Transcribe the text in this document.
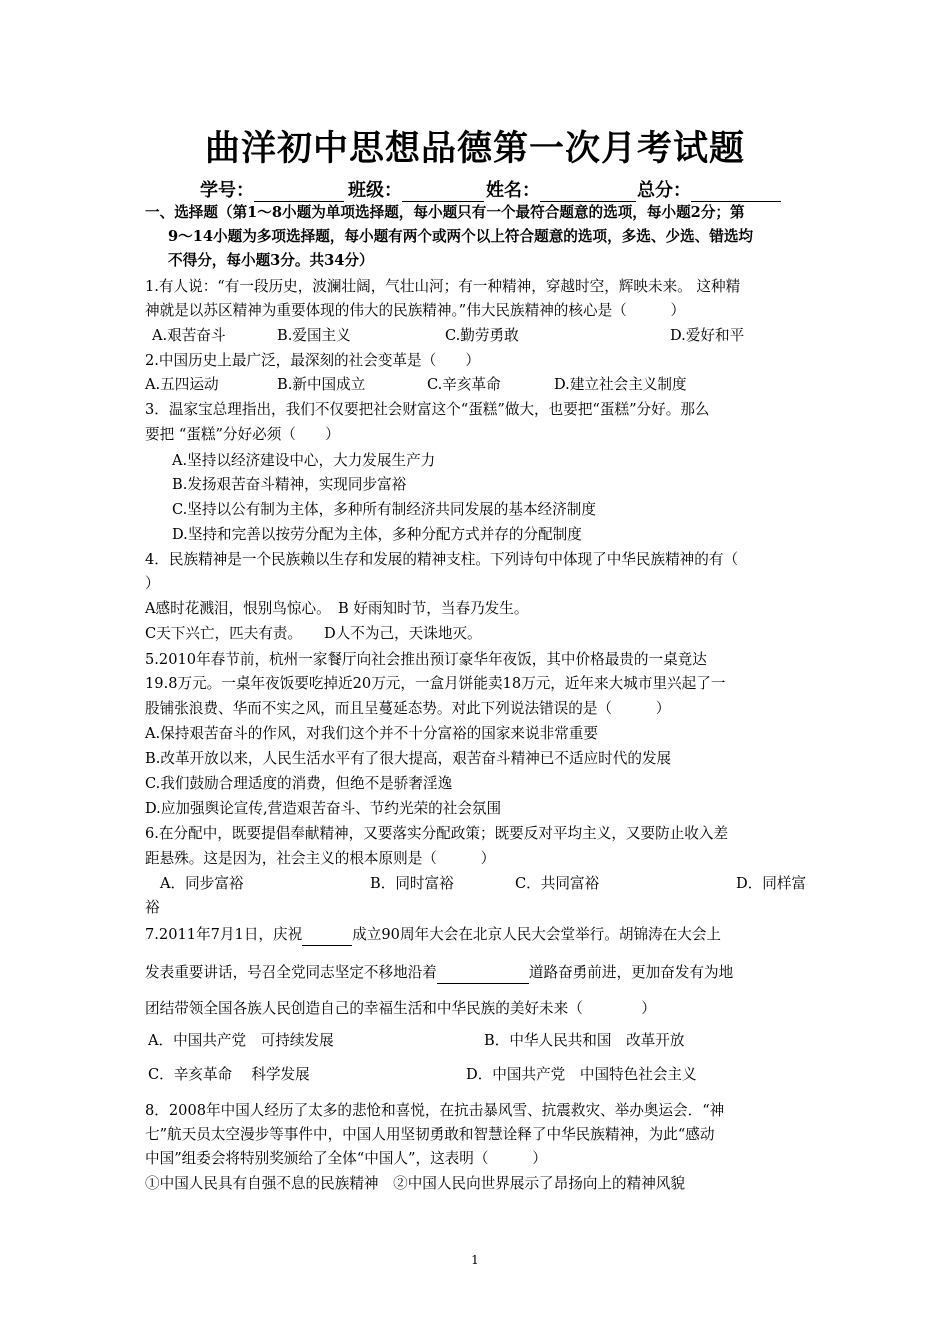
曲洋初中思想品德第一次月考试题
学号：	班级：	姓名：	总分：
一、选择题（第1～8小题为单项选择题，每小题只有一个最符合题意的选项，每小题2分；第
9～14小题为多项选择题，每小题有两个或两个以上符合题意的选项，多选、少选、错选均
不得分，每小题3分。共34分）
1.有人说：“有一段历史，波澜壮阔，气壮山河；有一种精神，穿越时空，辉映未来。 这种精
神就是以苏区精神为重要体现的伟大的民族精神。”伟大民族精神的核心是（　　　）
A.艰苦奋斗	B.爱国主义	C.勤劳勇敢	D.爱好和平
2.中国历史上最广泛，最深刻的社会变革是（　　）
A.五四运动	B.新中国成立	C.辛亥革命	D.建立社会主义制度
3．温家宝总理指出，我们不仅要把社会财富这个“蛋糕”做大，也要把“蛋糕”分好。那么
要把 “蛋糕”分好必须（　　）
A.坚持以经济建设中心，大力发展生产力
B.发扬艰苦奋斗精神，实现同步富裕
C.坚持以公有制为主体，多种所有制经济共同发展的基本经济制度
D.坚持和完善以按劳分配为主体，多种分配方式并存的分配制度
4．民族精神是一个民族赖以生存和发展的精神支柱。下列诗句中体现了中华民族精神的有（
）
A感时花溅泪，恨别鸟惊心。　B 好雨知时节，当春乃发生。
C天下兴亡，匹夫有责。　　D人不为己，天诛地灭。
5.2010年春节前，杭州一家餐厅向社会推出预订豪华年夜饭，其中价格最贵的一桌竟达
19.8万元。一桌年夜饭要吃掉近20万元，一盒月饼能卖18万元，近年来大城市里兴起了一
股铺张浪费、华而不实之风，而且呈蔓延态势。对此下列说法错误的是（　　　）
A.保持艰苦奋斗的作风，对我们这个并不十分富裕的国家来说非常重要
B.改革开放以来，人民生活水平有了很大提高，艰苦奋斗精神已不适应时代的发展
C.我们鼓励合理适度的消费，但绝不是骄奢淫逸
D.应加强舆论宣传,营造艰苦奋斗、节约光荣的社会氛围
6.在分配中，既要提倡奉献精神，又要落实分配政策；既要反对平均主义，又要防止收入差
距悬殊。这是因为，社会主义的根本原则是（　　　）
A．同步富裕	B．同时富裕	C．共同富裕	D．同样富
裕
7.2011年7月1日，庆祝	成立90周年大会在北京人民大会堂举行。胡锦涛在大会上
发表重要讲话，号召全党同志坚定不移地沿着	道路奋勇前进，更加奋发有为地
团结带领全国各族人民创造自己的幸福生活和中华民族的美好未来（　　　　）
A．中国共产党　可持续发展	B．中华人民共和国　改革开放
C．辛亥革命　 科学发展	D．中国共产党　中国特色社会主义
8．2008年中国人经历了太多的悲怆和喜悦，在抗击暴风雪、抗震救灾、举办奥运会．“神
七”航天员太空漫步等事件中，中国人用坚韧勇敢和智慧诠释了中华民族精神，为此“感动
中国”组委会将特别奖颁给了全体“中国人”，这表明（　　　）
①中国人民具有自强不息的民族精神　②中国人民向世界展示了昂扬向上的精神风貌
1
